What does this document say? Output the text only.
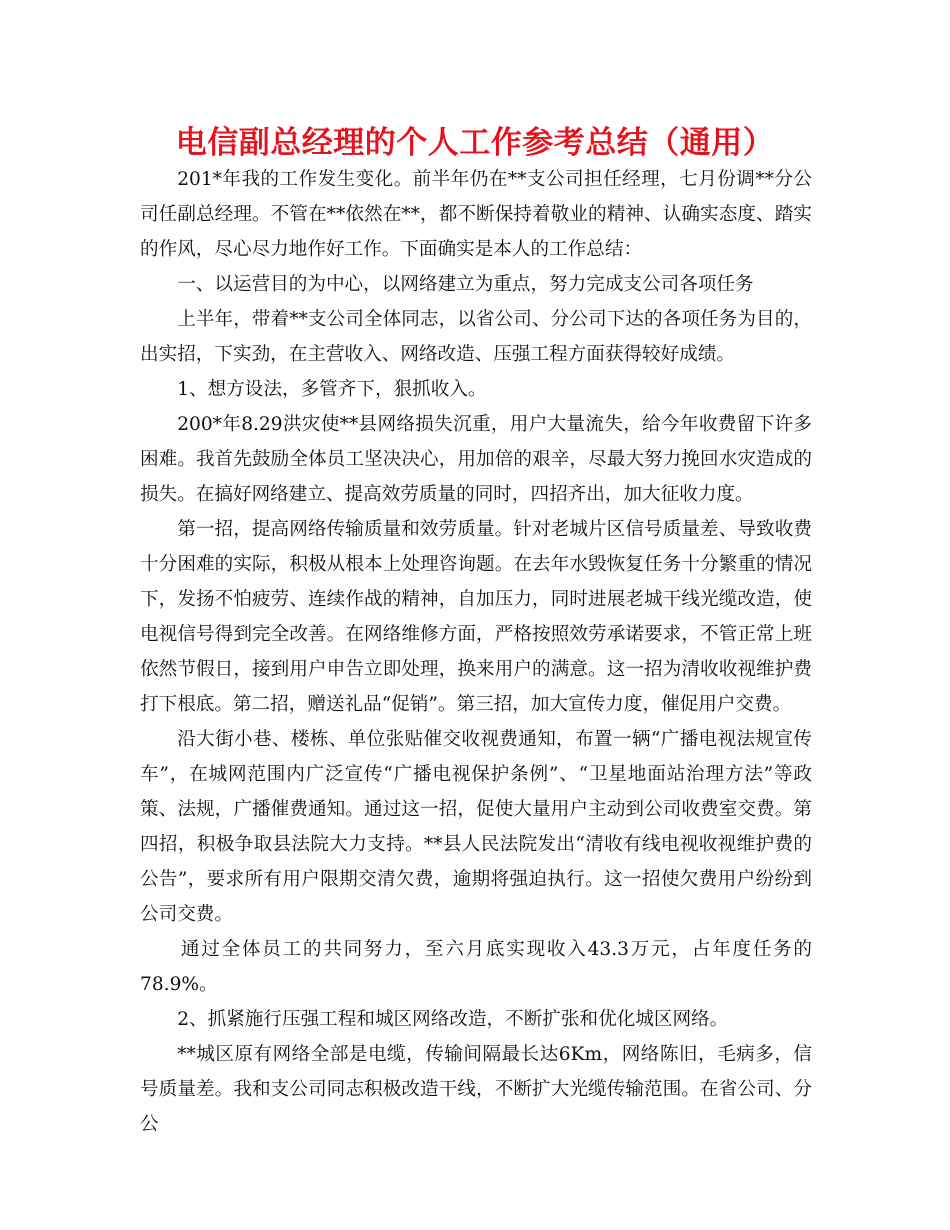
电信副总经理的个人工作参考总结（通用）

201*年我的工作发生变化。前半年仍在**支公司担任经理，七月份调**分公司任副总经理。不管在**依然在**，都不断保持着敬业的精神、认确实态度、踏实的作风，尽心尽力地作好工作。下面确实是本人的工作总结：

一、以运营目的为中心，以网络建立为重点，努力完成支公司各项任务

上半年，带着**支公司全体同志，以省公司、分公司下达的各项任务为目的，出实招，下实劲，在主营收入、网络改造、压强工程方面获得较好成绩。

1、想方设法，多管齐下，狠抓收入。

200*年8.29洪灾使**县网络损失沉重，用户大量流失，给今年收费留下许多困难。我首先鼓励全体员工坚决决心，用加倍的艰辛，尽最大努力挽回水灾造成的损失。在搞好网络建立、提高效劳质量的同时，四招齐出，加大征收力度。

第一招，提高网络传输质量和效劳质量。针对老城片区信号质量差、导致收费十分困难的实际，积极从根本上处理咨询题。在去年水毁恢复任务十分繁重的情况下，发扬不怕疲劳、连续作战的精神，自加压力，同时进展老城干线光缆改造，使电视信号得到完全改善。在网络维修方面，严格按照效劳承诺要求，不管正常上班依然节假日，接到用户申告立即处理，换来用户的满意。这一招为清收收视维护费打下根底。第二招，赠送礼品“促销”。第三招，加大宣传力度，催促用户交费。

沿大街小巷、楼栋、单位张贴催交收视费通知，布置一辆“广播电视法规宣传车”，在城网范围内广泛宣传“广播电视保护条例”、“卫星地面站治理方法”等政策、法规，广播催费通知。通过这一招，促使大量用户主动到公司收费室交费。第四招，积极争取县法院大力支持。**县人民法院发出“清收有线电视收视维护费的公告”，要求所有用户限期交清欠费，逾期将强迫执行。这一招使欠费用户纷纷到公司交费。

通过全体员工的共同努力，至六月底实现收入43.3万元，占年度任务的78.9%。

2、抓紧施行压强工程和城区网络改造，不断扩张和优化城区网络。

**城区原有网络全部是电缆，传输间隔最长达6Km，网络陈旧，毛病多，信号质量差。我和支公司同志积极改造干线，不断扩大光缆传输范围。在省公司、分公
